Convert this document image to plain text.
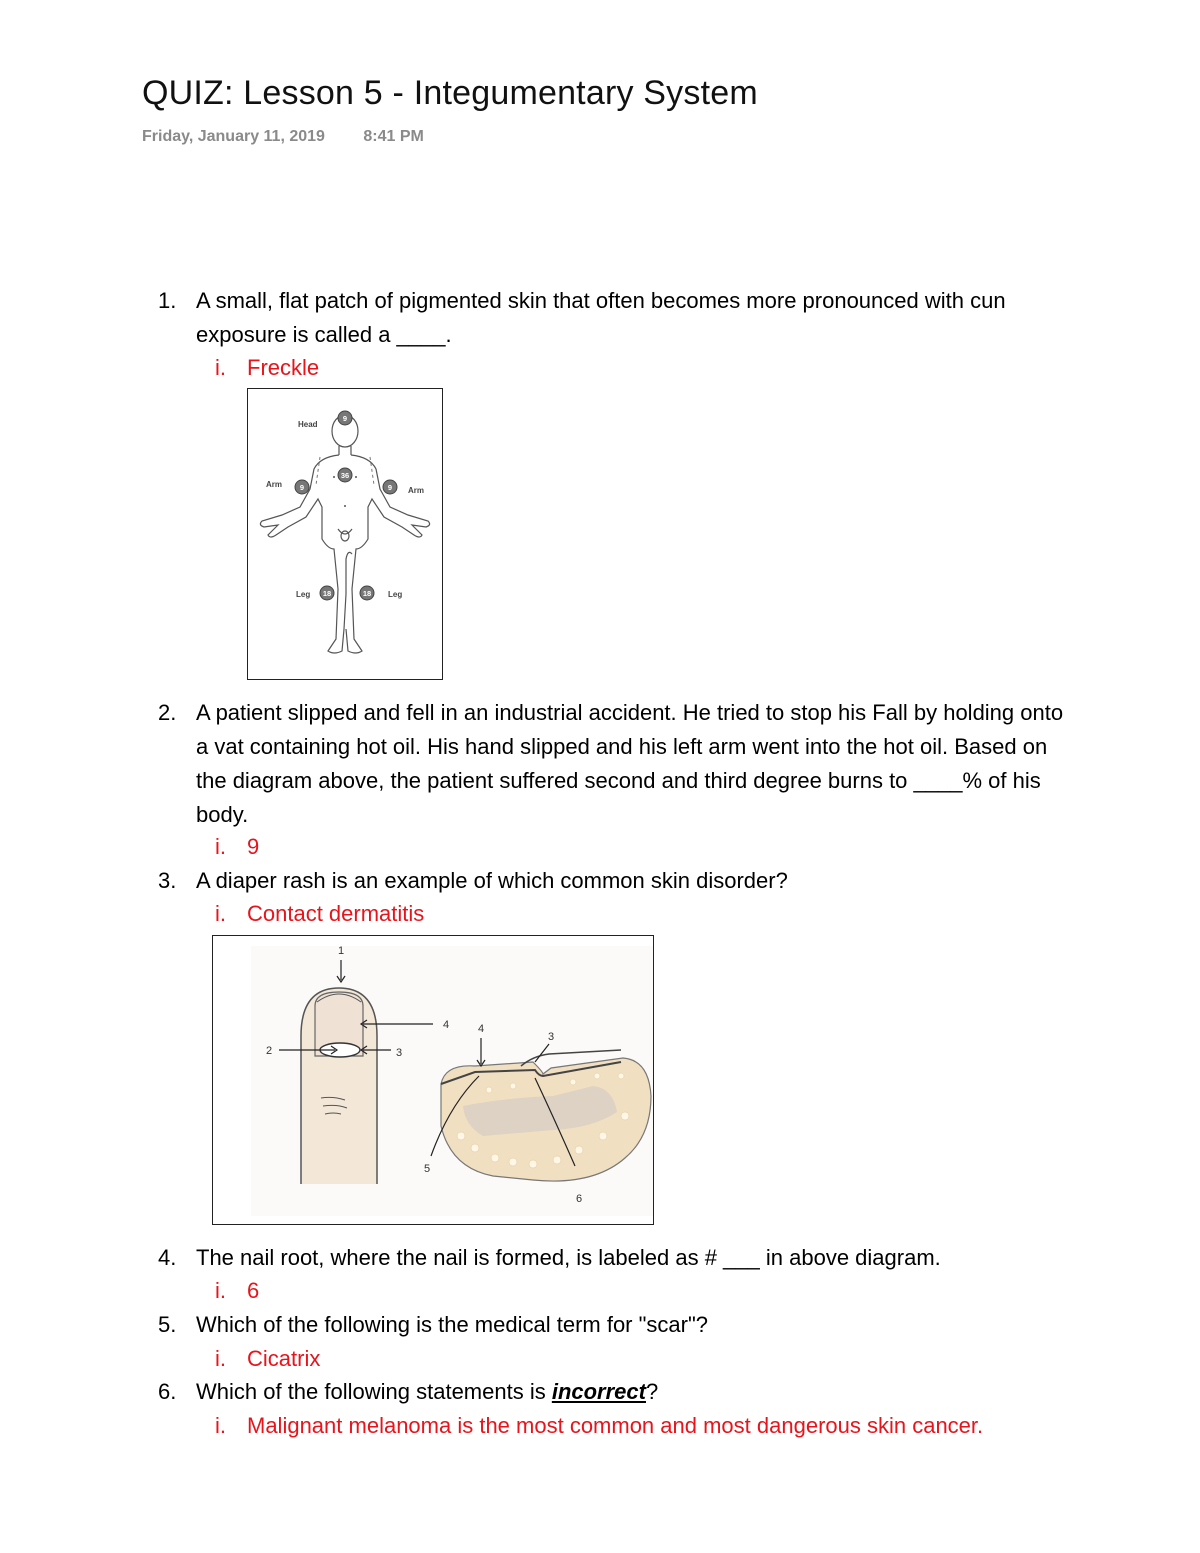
QUIZ: Lesson 5 - Integumentary System
Friday, January 11, 2019 8:41 PM
1. A small, flat patch of pigmented skin that often becomes more pronounced with cun exposure is called a ____.
i. Freckle
9
36
9	9
18	18
Head
Arm
Arm
Leg	Leg
2. A patient slipped and fell in an industrial accident. He tried to stop his Fall by holding onto a vat containing hot oil. His hand slipped and his left arm went into the hot oil. Based on the diagram above, the patient suffered second and third degree burns to ____% of his body.
i. 9
3. A diaper rash is an example of which common skin disorder?
i. Contact dermatitis
1
2	3
4	4
3
5
6
4. The nail root, where the nail is formed, is labeled as # ___ in above diagram.
i. 6
5. Which of the following is the medical term for "scar"?
i. Cicatrix
6. Which of the following statements is incorrect?
i. Malignant melanoma is the most common and most dangerous skin cancer.
